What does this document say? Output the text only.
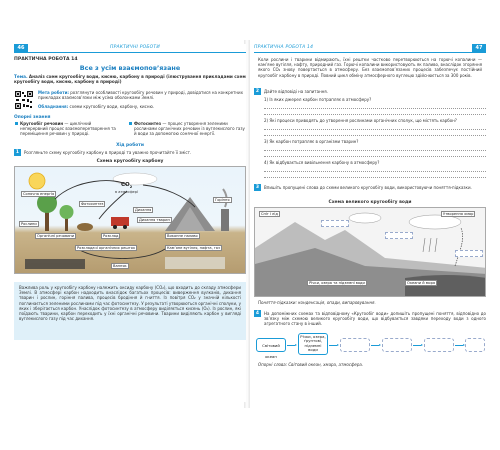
46	ПРАКТИЧНІ РОБОТИ
ПРАКТИЧНА РОБОТА 14
Все з усім взаємопов’язане
Тема. Аналіз схем кругообігу води, кисню, карбону в природі (ілюстрування прикладами схем кругообігу води, кисню, карбону в природі)
Мета роботи: розглянути особливості кругообігу речовин у природі, довідатися на конкретних прикладах взаємозв’язки між усіма оболонками Землі.
Обладнання: схеми кругообігу води, карбону, кисню.
Опорні знання
Кругообіг речовин — циклічний неперервний процес взаємоперетворення та переміщення речовин у природі.
Фотосинтез — процес утворення зеленими рослинами органічних речовин із вуглекислого газу й води за допомогою сонячної енергії.
Хід роботи
1	Розгляньте схему кругообігу карбону в природі та уважно прочитайте її зміст.
Схема кругообігу карбону
$CO_2$
в атмосфері
Сонячна енергія
Фотосинтез
Дихання
Горіння
Розклад
Органічні речовини	Викопне паливо
Дихання тварин
Рослини
Розкладачі органічних решток	Кам’яне вугілля, нафта, газ
Вапняк
Важлива роль у кругообігу карбону належить оксиду карбону (CO₂), що входить до складу атмосфери Землі. В атмосфері карбон надходить внаслідок багатьох процесів: виверження вулканів, дихання тварин і рослин, горіння палива, процесів бродіння й гниття. Із повітря CO₂ у значній кількості поглинається зеленими рослинами під час фотосинтезу. У результаті утворюються органічні сполуки, у яких і зберігається карбон. Унаслідок фотосинтезу в атмосферу виділяється кисень (O₂). Із рослин, які поїдають тварини, карбон переходить у їхні органічні речовини. Тварини виділяють карбон у вигляді вуглекислого газу під час дихання.
ПРАКТИЧНА РОБОТА 14	47
Коли рослини і тварини відмирають, їхні рештки частково перетворюються на горючі копалини — кам’яне вугілля, нафту, природний газ. Горючі копалини використовують як паливо, внаслідок згоряння якого CO₂ знову повертається в атмосферу. Без взаємопов’язаних процесів забезпечує постійний кругообіг карбону в природі. Повний цикл обміну атмосферного вуглецю здійснюється за 300 років.
2	Дайте відповіді на запитання.
1) Із яких джерел карбон потрапляє в атмосферу?
2) Які процеси приводять до утворення рослинами органічних сполук, що містять карбон?
3) Як карбон потрапляє в організми тварин?
4) Як відбувається вивільнення карбону в атмосферу?
3	Впишіть пропущені слова до схеми великого кругообігу води, використовуючи поняття-підказки.
Схема великого кругообігу води
Сніг і лід	Утворення хмар
Річки, озера та підземні води	Океани й моря
Поняття-підказки: конденсація, опади, випаровування.
4	На допоміжних схемах та відповідному «Кругообіг води» допишіть пропущені поняття, відповідно до зв’язку між схемою великого кругообігу води, що відбувається завдяки переходу води з одного агрегатного стану в інший.
Світовий океан
Річки, озера, ґрунтові, підземні води
Опорні слова: Світовий океан, хмара, атмосфера.
